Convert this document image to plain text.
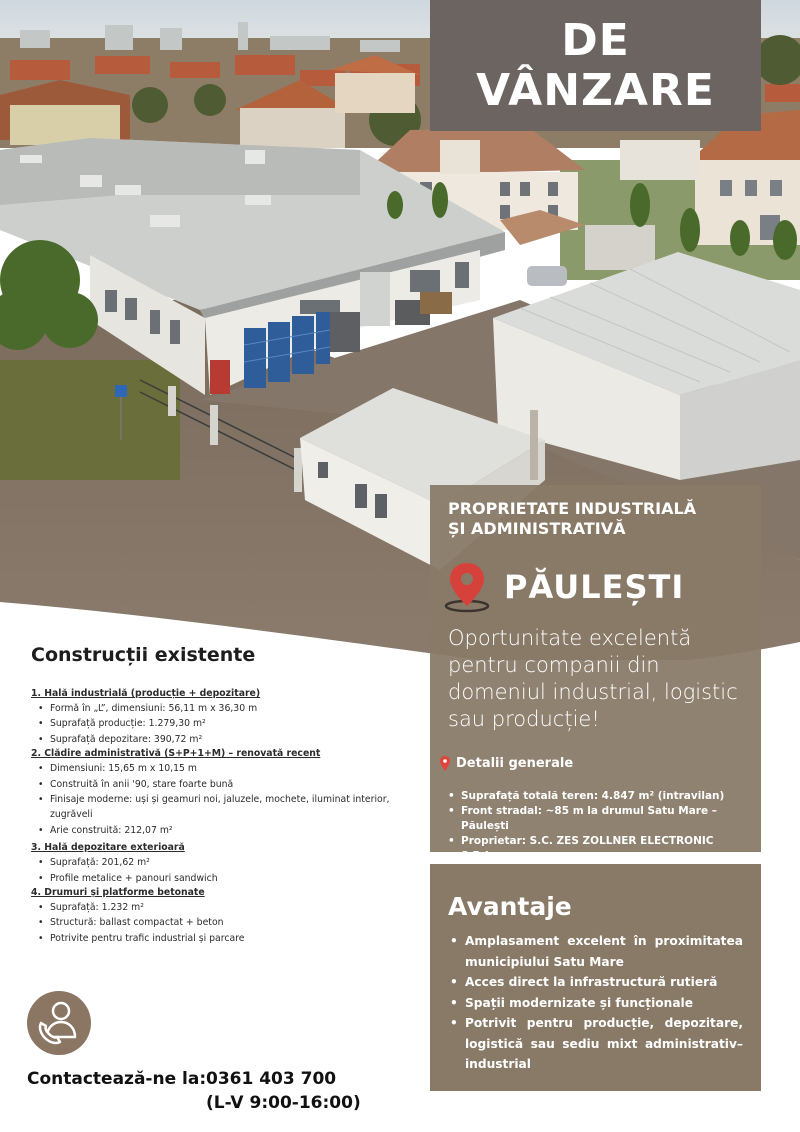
DE
VÂNZARE
PROPRIETATE INDUSTRIALĂ
ȘI ADMINISTRATIVĂ
PĂULEȘTI
Oportunitate excelentă pentru companii din domeniul industrial, logistic sau producție!
Detalii generale
• Suprafață totală teren: 4.847 m² (intravilan)
• Front stradal: ~85 m la drumul Satu Mare – Păulești
• Proprietar: S.C. ZES ZOLLNER ELECTRONIC S.R.L.
Avantaje
• Amplasament excelent în proximitatea municipiului Satu Mare
• Acces direct la infrastructură rutieră
• Spații modernizate și funcționale
• Potrivit pentru producție, depozitare, logistică sau sediu mixt administrativ–industrial
Construcții existente
1. Hală industrială (producție + depozitare)
• Formă în „L”, dimensiuni: 56,11 m x 36,30 m
• Suprafață producție: 1.279,30 m²
• Suprafață depozitare: 390,72 m²
2. Clădire administrativă (S+P+1+M) – renovată recent
• Dimensiuni: 15,65 m x 10,15 m
• Construită în anii '90, stare foarte bună
• Finisaje moderne: uși și geamuri noi, jaluzele, mochete, iluminat interior, zugrăveli
• Arie construită: 212,07 m²
3. Hală depozitare exterioară
• Suprafață: 201,62 m²
• Profile metalice + panouri sandwich
4. Drumuri și platforme betonate
• Suprafață: 1.232 m²
• Structură: ballast compactat + beton
• Potrivite pentru trafic industrial și parcare
Contactează-ne la: 0361 403 700
(L-V 9:00-16:00)
